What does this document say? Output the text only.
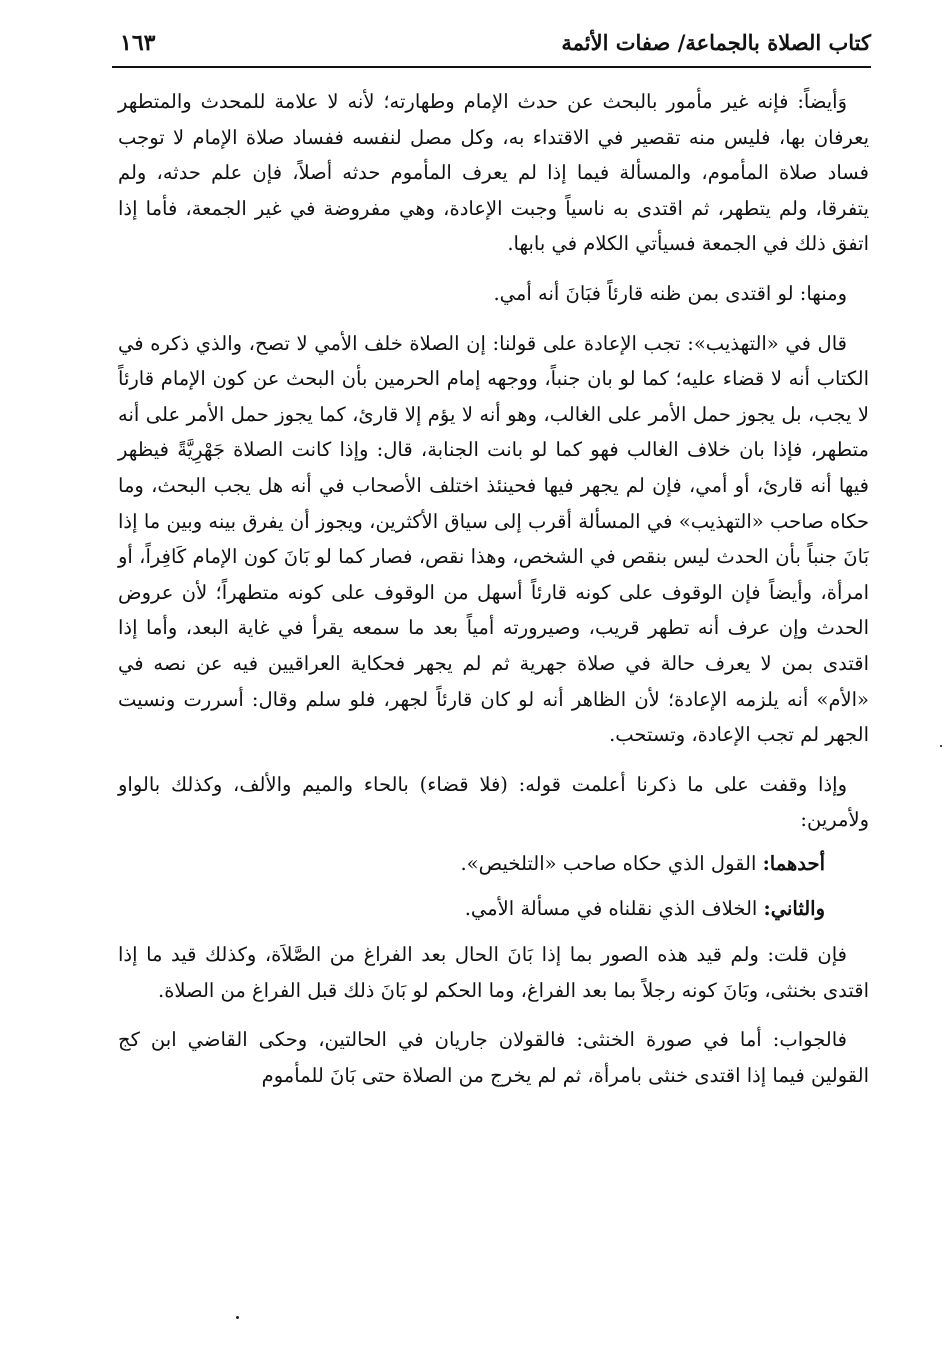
كتاب الصلاة بالجماعة/ صفات الأئمة
١٦٣

وَأيضاً: فإنه غير مأمور بالبحث عن حدث الإمام وطهارته؛ لأنه لا علامة للمحدث والمتطهر يعرفان بها، فليس منه تقصير في الاقتداء به، وكل مصل لنفسه ففساد صلاة الإمام لا توجب فساد صلاة المأموم، والمسألة فيما إذا لم يعرف المأموم حدثه أصلاً، فإن علم حدثه، ولم يتفرقا، ولم يتطهر، ثم اقتدى به ناسياً وجبت الإعادة، وهي مفروضة في غير الجمعة، فأما إذا اتفق ذلك في الجمعة فسيأتي الكلام في بابها.

ومنها: لو اقتدى بمن ظنه قارئاً فبَانَ أنه أمي.

قال في «التهذيب»: تجب الإعادة على قولنا: إن الصلاة خلف الأمي لا تصح، والذي ذكره في الكتاب أنه لا قضاء عليه؛ كما لو بان جنباً، ووجهه إمام الحرمين بأن البحث عن كون الإمام قارئاً لا يجب، بل يجوز حمل الأمر على الغالب، وهو أنه لا يؤم إلا قارئ، كما يجوز حمل الأمر على أنه متطهر، فإذا بان خلاف الغالب فهو كما لو بانت الجنابة، قال: وإذا كانت الصلاة جَهْرِيَّةً فيظهر فيها أنه قارئ، أو أمي، فإن لم يجهر فيها فحينئذ اختلف الأصحاب في أنه هل يجب البحث، وما حكاه صاحب «التهذيب» في المسألة أقرب إلى سياق الأكثرين، ويجوز أن يفرق بينه وبين ما إذا بَانَ جنباً بأن الحدث ليس بنقص في الشخص، وهذا نقص، فصار كما لو بَانَ كون الإمام كَافِراً، أو امرأة، وأيضاً فإن الوقوف على كونه قارئاً أسهل من الوقوف على كونه متطهراً؛ لأن عروض الحدث وإن عرف أنه تطهر قريب، وصيرورته أمياً بعد ما سمعه يقرأ في غاية البعد، وأما إذا اقتدى بمن لا يعرف حالة في صلاة جهرية ثم لم يجهر فحكاية العراقيين فيه عن نصه في «الأم» أنه يلزمه الإعادة؛ لأن الظاهر أنه لو كان قارئاً لجهر، فلو سلم وقال: أسررت ونسيت الجهر لم تجب الإعادة، وتستحب.

وإذا وقفت على ما ذكرنا أعلمت قوله: (فلا قضاء) بالحاء والميم والألف، وكذلك بالواو ولأمرين:

أحدهما: القول الذي حكاه صاحب «التلخيص».

والثاني: الخلاف الذي نقلناه في مسألة الأمي.

فإن قلت: ولم قيد هذه الصور بما إذا بَانَ الحال بعد الفراغ من الصَّلاَة، وكذلك قيد ما إذا اقتدى بخنثى، وبَانَ كونه رجلاً بما بعد الفراغ، وما الحكم لو بَانَ ذلك قبل الفراغ من الصلاة.

فالجواب: أما في صورة الخنثى: فالقولان جاريان في الحالتين، وحكى القاضي ابن كج القولين فيما إذا اقتدى خنثى بامرأة، ثم لم يخرج من الصلاة حتى بَانَ للمأموم
